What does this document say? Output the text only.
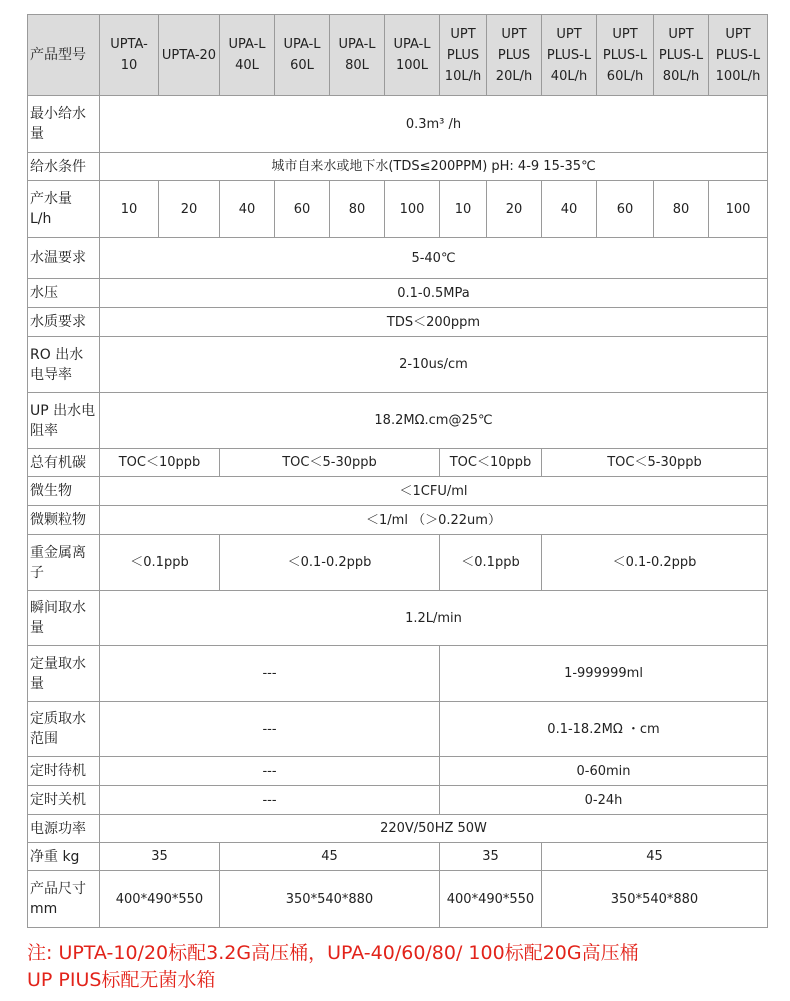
产品型号	UPTA-10	UPTA-20	UPA-L 40L	UPA-L 60L	UPA-L 80L	UPA-L 100L	UPT PLUS 10L/h	UPT PLUS 20L/h	UPT PLUS-L 40L/h	UPT PLUS-L 60L/h	UPT PLUS-L 80L/h	UPT PLUS-L 100L/h
最小给水量	0.3m³ /h											
给水条件	城市自来水或地下水(TDS≤200PPM) pH: 4-9 15-35℃											
产水量 L/h	10	20	40	60	80	100	10	20	40	60	80	100
水温要求	5-40℃											
水压	0.1-0.5MPa											
水质要求	TDS＜200ppm											
RO 出水电导率	2-10us/cm											
UP 出水电阻率	18.2MΩ.cm@25℃											
总有机碳	TOC＜10ppb		TOC＜5-30ppb				TOC＜10ppb		TOC＜5-30ppb			
微生物	＜1CFU/ml											
微颗粒物	＜1/ml （＞0.22um）											
重金属离子	＜0.1ppb		＜0.1-0.2ppb				＜0.1ppb		＜0.1-0.2ppb			
瞬间取水量	1.2L/min											
定量取水量	---						1-999999ml					
定质取水范围	---						0.1-18.2MΩ ・cm					
定时待机	---						0-60min					
定时关机	---						0-24h					
电源功率	220V/50HZ 50W											
净重 kg	35		45				35		45			
产品尺寸 mm	400*490*550		350*540*880				400*490*550		350*540*880			
注: UPTA-10/20标配3.2G高压桶，UPA-40/60/80/ 100标配20G高压桶
UP PIUS标配无菌水箱
